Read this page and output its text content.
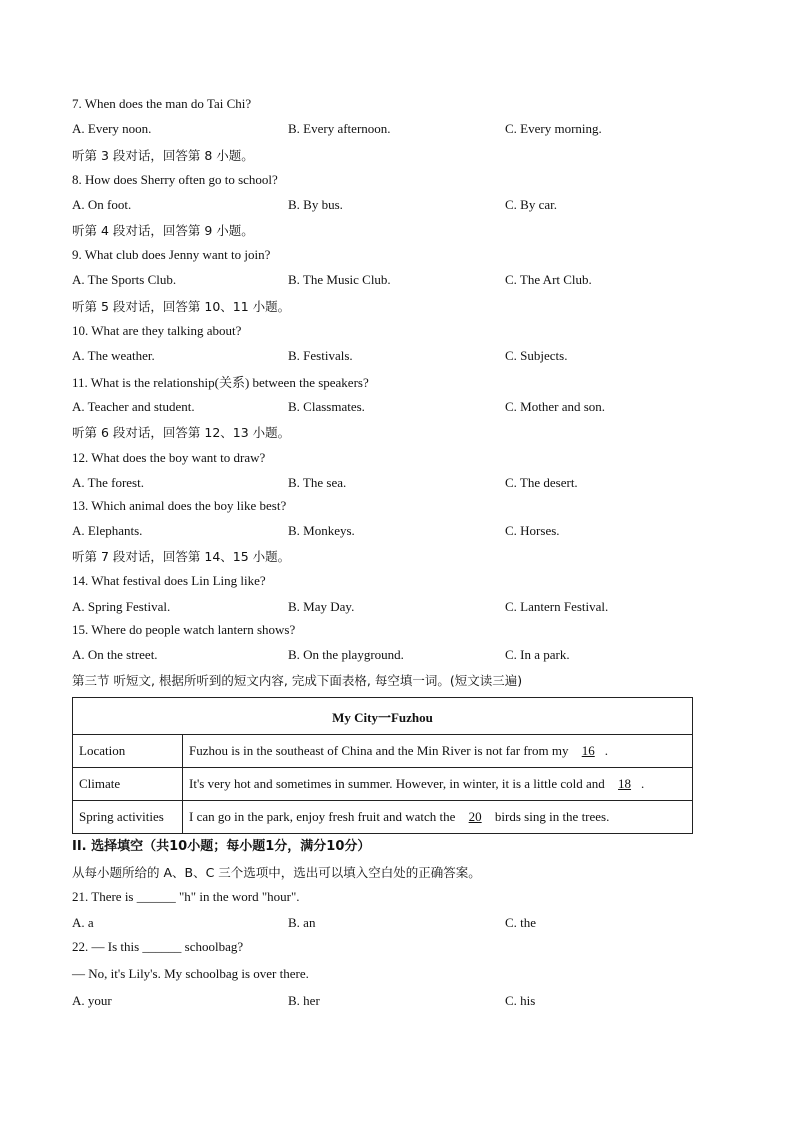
7. When does the man do Tai Chi?
A. Every noon.	B. Every afternoon.	C. Every morning.
听第 3 段对话，回答第 8 小题。
8. How does Sherry often go to school?
A. On foot.	B. By bus.	C. By car.
听第 4 段对话，回答第 9 小题。
9. What club does Jenny want to join?
A. The Sports Club.	B. The Music Club.	C. The Art Club.
听第 5 段对话，回答第 10、11 小题。
10. What are they talking about?
A. The weather.	B. Festivals.	C. Subjects.
11. What is the relationship(关系) between the speakers?
A. Teacher and student.	B. Classmates.	C. Mother and son.
听第 6 段对话，回答第 12、13 小题。
12. What does the boy want to draw?
A. The forest.	B. The sea.	C. The desert.
13. Which animal does the boy like best?
A. Elephants.	B. Monkeys.	C. Horses.
听第 7 段对话，回答第 14、15 小题。
14. What festival does Lin Ling like?
A. Spring Festival.	B. May Day.	C. Lantern Festival.
15. Where do people watch lantern shows?
A. On the street.	B. On the playground.	C. In a park.
第三节 听短文, 根据所听到的短文内容, 完成下面表格, 每空填一词。(短文读三遍)
My City一Fuzhou	
Location	Fuzhou is in the southeast of China and the Min River is not far from my 16 .
Climate	It's very hot and sometimes in summer. However, in winter, it is a little cold and 18 .
Spring activities	I can go in the park, enjoy fresh fruit and watch the 20 birds sing in the trees.
II. 选择填空（共10小题；每小题1分，满分10分）
从每小题所给的 A、B、C 三个选项中，选出可以填入空白处的正确答案。
21. There is ______ "h" in the word "hour".
A. a	B. an	C. the
22. — Is this ______ schoolbag?
— No, it's Lily's. My schoolbag is over there.
A. your	B. her	C. his
